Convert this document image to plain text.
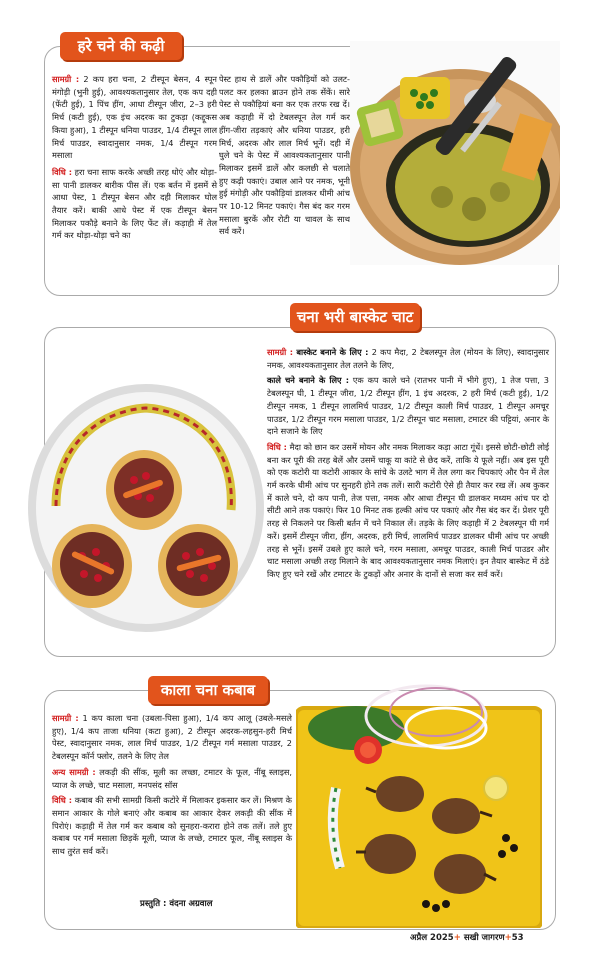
हरे चने की कढ़ी
सामग्री : 2 कप हरा चना, 2 टीस्पून बेसन, 4 स्पून मंगोड़ी (भुनी हुई), आवश्यकतानुसार तेल, एक कप दही (फेंटी हुई), 1 पिंच हींग, आधा टीस्पून जीरा, 2–3 हरी मिर्च (कटी हुई), एक इंच अदरक का टुकड़ा (कद्दूकस किया हुआ), 1 टीस्पून धनिया पाउडर, 1/4 टीस्पून लाल मिर्च पाउडर, स्वादानुसार नमक, 1/4 टीस्पून गरम मसाला
विधि : हरा चना साफ करके अच्छी तरह धोएं और थोड़ा-सा पानी डालकर बारीक पीस लें। एक बर्तन में इसमें से आधा पेस्ट, 1 टीस्पून बेसन और दही मिलाकर घोल तैयार करें। बाकी आधे पेस्ट में एक टीस्पून बेसन मिलाकर पकौड़े बनाने के लिए फेंट लें। कड़ाही में तेल गर्म कर थोड़ा-थोड़ा चने का
पेस्ट हाथ से डालें और पकौड़ियों को उलट-पलट कर हलका ब्राउन होने तक सेंकें। सारे पेस्ट से पकौड़ियां बना कर एक तरफ रख दें। अब कड़ाही में दो टेबलस्पून तेल गर्म कर हींग-जीरा तड़काएं और धनिया पाउडर, हरी मिर्च, अदरक और लाल मिर्च भूनें। दही में घुले चने के पेस्ट में आवश्यकतानुसार पानी मिलाकर इसमें डालें और कलछी से चलाते हुए कढ़ी पकाएं। उबाल आने पर नमक, भूनी हुई मंगोड़ी और पकौड़ियां डालकर धीमी आंच पर 10-12 मिनट पकाएं। गैस बंद कर गरम मसाला बुरकें और रोटी या चावल के साथ सर्व करें।
चना भरी बास्केट चाट
सामग्री : बास्केट बनाने के लिए : 2 कप मैदा, 2 टेबलस्पून तेल (मोयन के लिए), स्वादानुसार नमक, आवश्यकतानुसार तेल तलने के लिए,
काले चने बनाने के लिए : एक कप काले चने (रातभर पानी में भीगे हुए), 1 तेज पत्ता, 3 टेबलस्पून घी, 1 टीस्पून जीरा, 1/2 टीस्पून हींग, 1 इंच अदरक, 2 हरी मिर्च (कटी हुई), 1/2 टीस्पून नमक, 1 टीस्पून लालमिर्च पाउडर, 1/2 टीस्पून काली मिर्च पाउडर, 1 टीस्पून अमचूर पाउडर, 1/2 टीस्पून गरम मसाला पाउडर, 1/2 टीस्पून चाट मसाला, टमाटर की पट्टियां, अनार के दाने सजाने के लिए
विधि : मैदा को छान कर उसमें मोयन और नमक मिलाकर कड़ा आटा गूंधें। इससे छोटी-छोटी लोई बना कर पूरी की तरह बेलें और उसमें चाकू या कांटे से छेद करें, ताकि ये फूले नहीं। अब इस पूरी को एक कटोरी या कटोरी आकार के सांचे के उलटे भाग में तेल लगा कर चिपकाएं और पैन में तेल गर्म करके धीमी आंच पर सुनहरी होने तक तलें। सारी कटोरी ऐसे ही तैयार कर रख लें। अब कुकर में काले चने, दो कप पानी, तेज पत्ता, नमक और आधा टीस्पून घी डालकर मध्यम आंच पर दो सीटी आने तक पकाएं। फिर 10 मिनट तक हल्की आंच पर पकाएं और गैस बंद कर दें। प्रेशर पूरी तरह से निकलने पर किसी बर्तन में चने निकाल लें। तड़के के लिए कड़ाही में 2 टेबलस्पून घी गर्म करें। इसमें टीस्पून जीरा, हींग, अदरक, हरी मिर्च, लालमिर्च पाउडर डालकर धीमी आंच पर अच्छी तरह से भूनें। इसमें उबले हुए काले चने, गरम मसाला, अमचूर पाउडर, काली मिर्च पाउडर और चाट मसाला अच्छी तरह मिलाने के बाद आवश्यकतानुसार नमक मिलाएं। इन तैयार बास्केट में ठंडे किए हुए चने रखें और टमाटर के टुकड़ों और अनार के दानों से सजा कर सर्व करें।
काला चना कबाब
सामग्री : 1 कप काला चना (उबला-पिसा हुआ), 1/4 कप आलू (उबले-मसले हुए), 1/4 कप ताजा धनिया (कटा हुआ), 2 टीस्पून अदरक-लहसुन-हरी मिर्च पेस्ट, स्वादानुसार नमक, लाल मिर्च पाउडर, 1/2 टीस्पून गर्म मसाला पाउडर, 2 टेबलस्पून कॉर्न फ्लोर, तलने के लिए तेल
अन्य सामग्री : लकड़ी की सींक, मूली का लच्छा, टमाटर के फूल, नींबू स्लाइस, प्याज के लच्छे, चाट मसाला, मनपसंद सॉस
विधि : कबाब की सभी सामग्री किसी कटोरे में मिलाकर इकसार कर लें। मिश्रण के समान आकार के गोले बनाएं और कबाब का आकार देकर लकड़ी की सींक में पिरोएं। कड़ाही में तेल गर्म कर कबाब को सुनहरा-करारा होने तक तलें। तले हुए कबाब पर गर्म मसाला छिड़कें मूली, प्याज के लच्छे, टमाटर फूल, नींबू स्लाइस के साथ तुरंत सर्व करें।
प्रस्तुति : वंदना अग्रवाल
अप्रैल 2025+ सखी जागरण+53
